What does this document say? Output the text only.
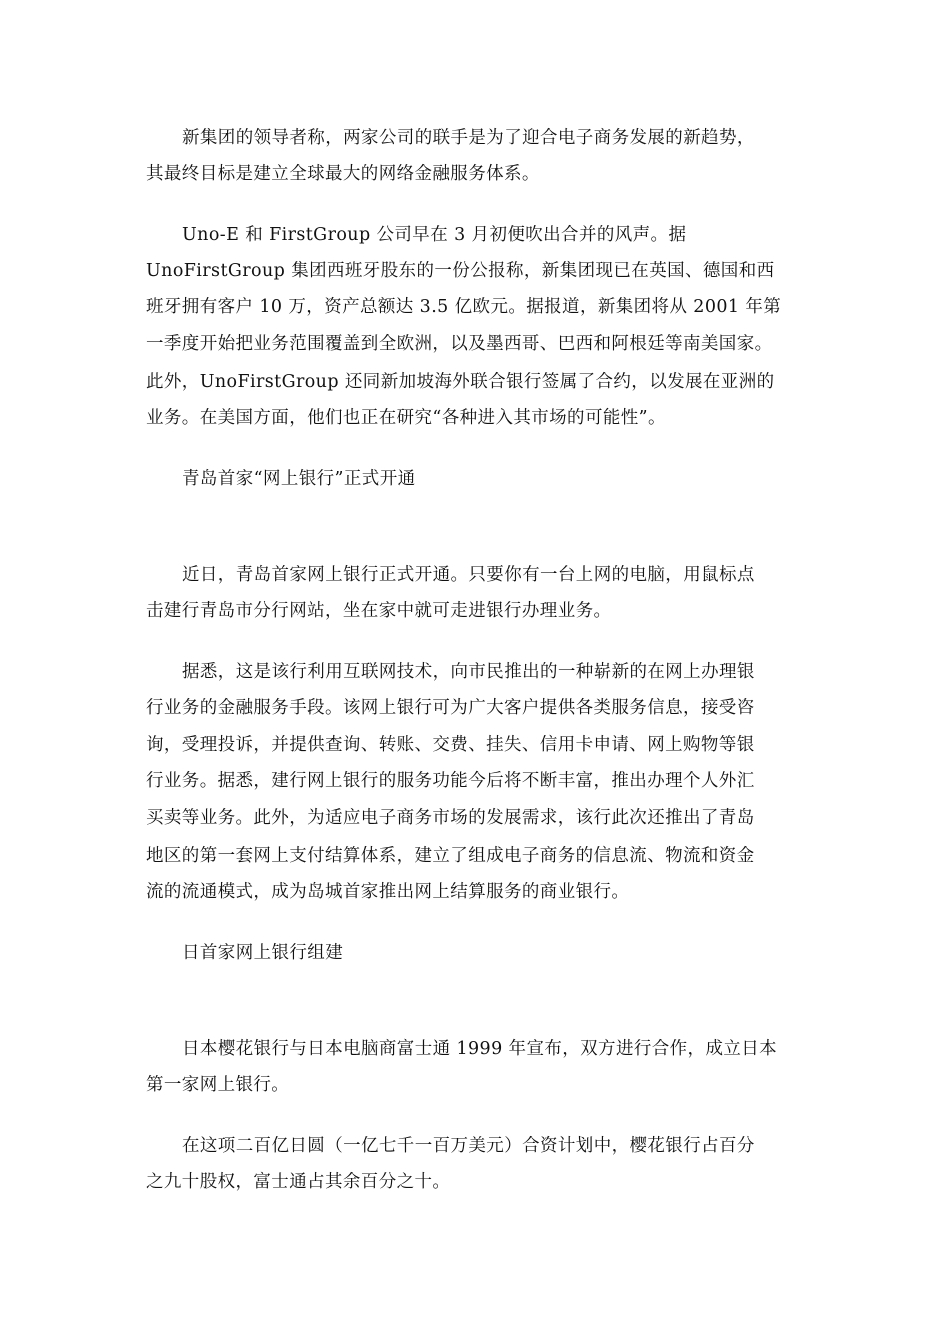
新集团的领导者称，两家公司的联手是为了迎合电子商务发展的新趋势，
其最终目标是建立全球最大的网络金融服务体系。
Uno-E 和 FirstGroup 公司早在 3 月初便吹出合并的风声。据
UnoFirstGroup 集团西班牙股东的一份公报称，新集团现已在英国、德国和西
班牙拥有客户 10 万，资产总额达 3.5 亿欧元。据报道，新集团将从 2001 年第
一季度开始把业务范围覆盖到全欧洲，以及墨西哥、巴西和阿根廷等南美国家。
此外，UnoFirstGroup 还同新加坡海外联合银行签属了合约，以发展在亚洲的
业务。在美国方面，他们也正在研究“各种进入其市场的可能性”。
青岛首家“网上银行”正式开通
近日，青岛首家网上银行正式开通。只要你有一台上网的电脑，用鼠标点
击建行青岛市分行网站，坐在家中就可走进银行办理业务。
据悉，这是该行利用互联网技术，向市民推出的一种崭新的在网上办理银
行业务的金融服务手段。该网上银行可为广大客户提供各类服务信息，接受咨
询，受理投诉，并提供查询、转账、交费、挂失、信用卡申请、网上购物等银
行业务。据悉，建行网上银行的服务功能今后将不断丰富，推出办理个人外汇
买卖等业务。此外，为适应电子商务市场的发展需求，该行此次还推出了青岛
地区的第一套网上支付结算体系，建立了组成电子商务的信息流、物流和资金
流的流通模式，成为岛城首家推出网上结算服务的商业银行。
日首家网上银行组建
日本樱花银行与日本电脑商富士通 1999 年宣布，双方进行合作，成立日本
第一家网上银行。
在这项二百亿日圆（一亿七千一百万美元）合资计划中，樱花银行占百分
之九十股权，富士通占其余百分之十。
